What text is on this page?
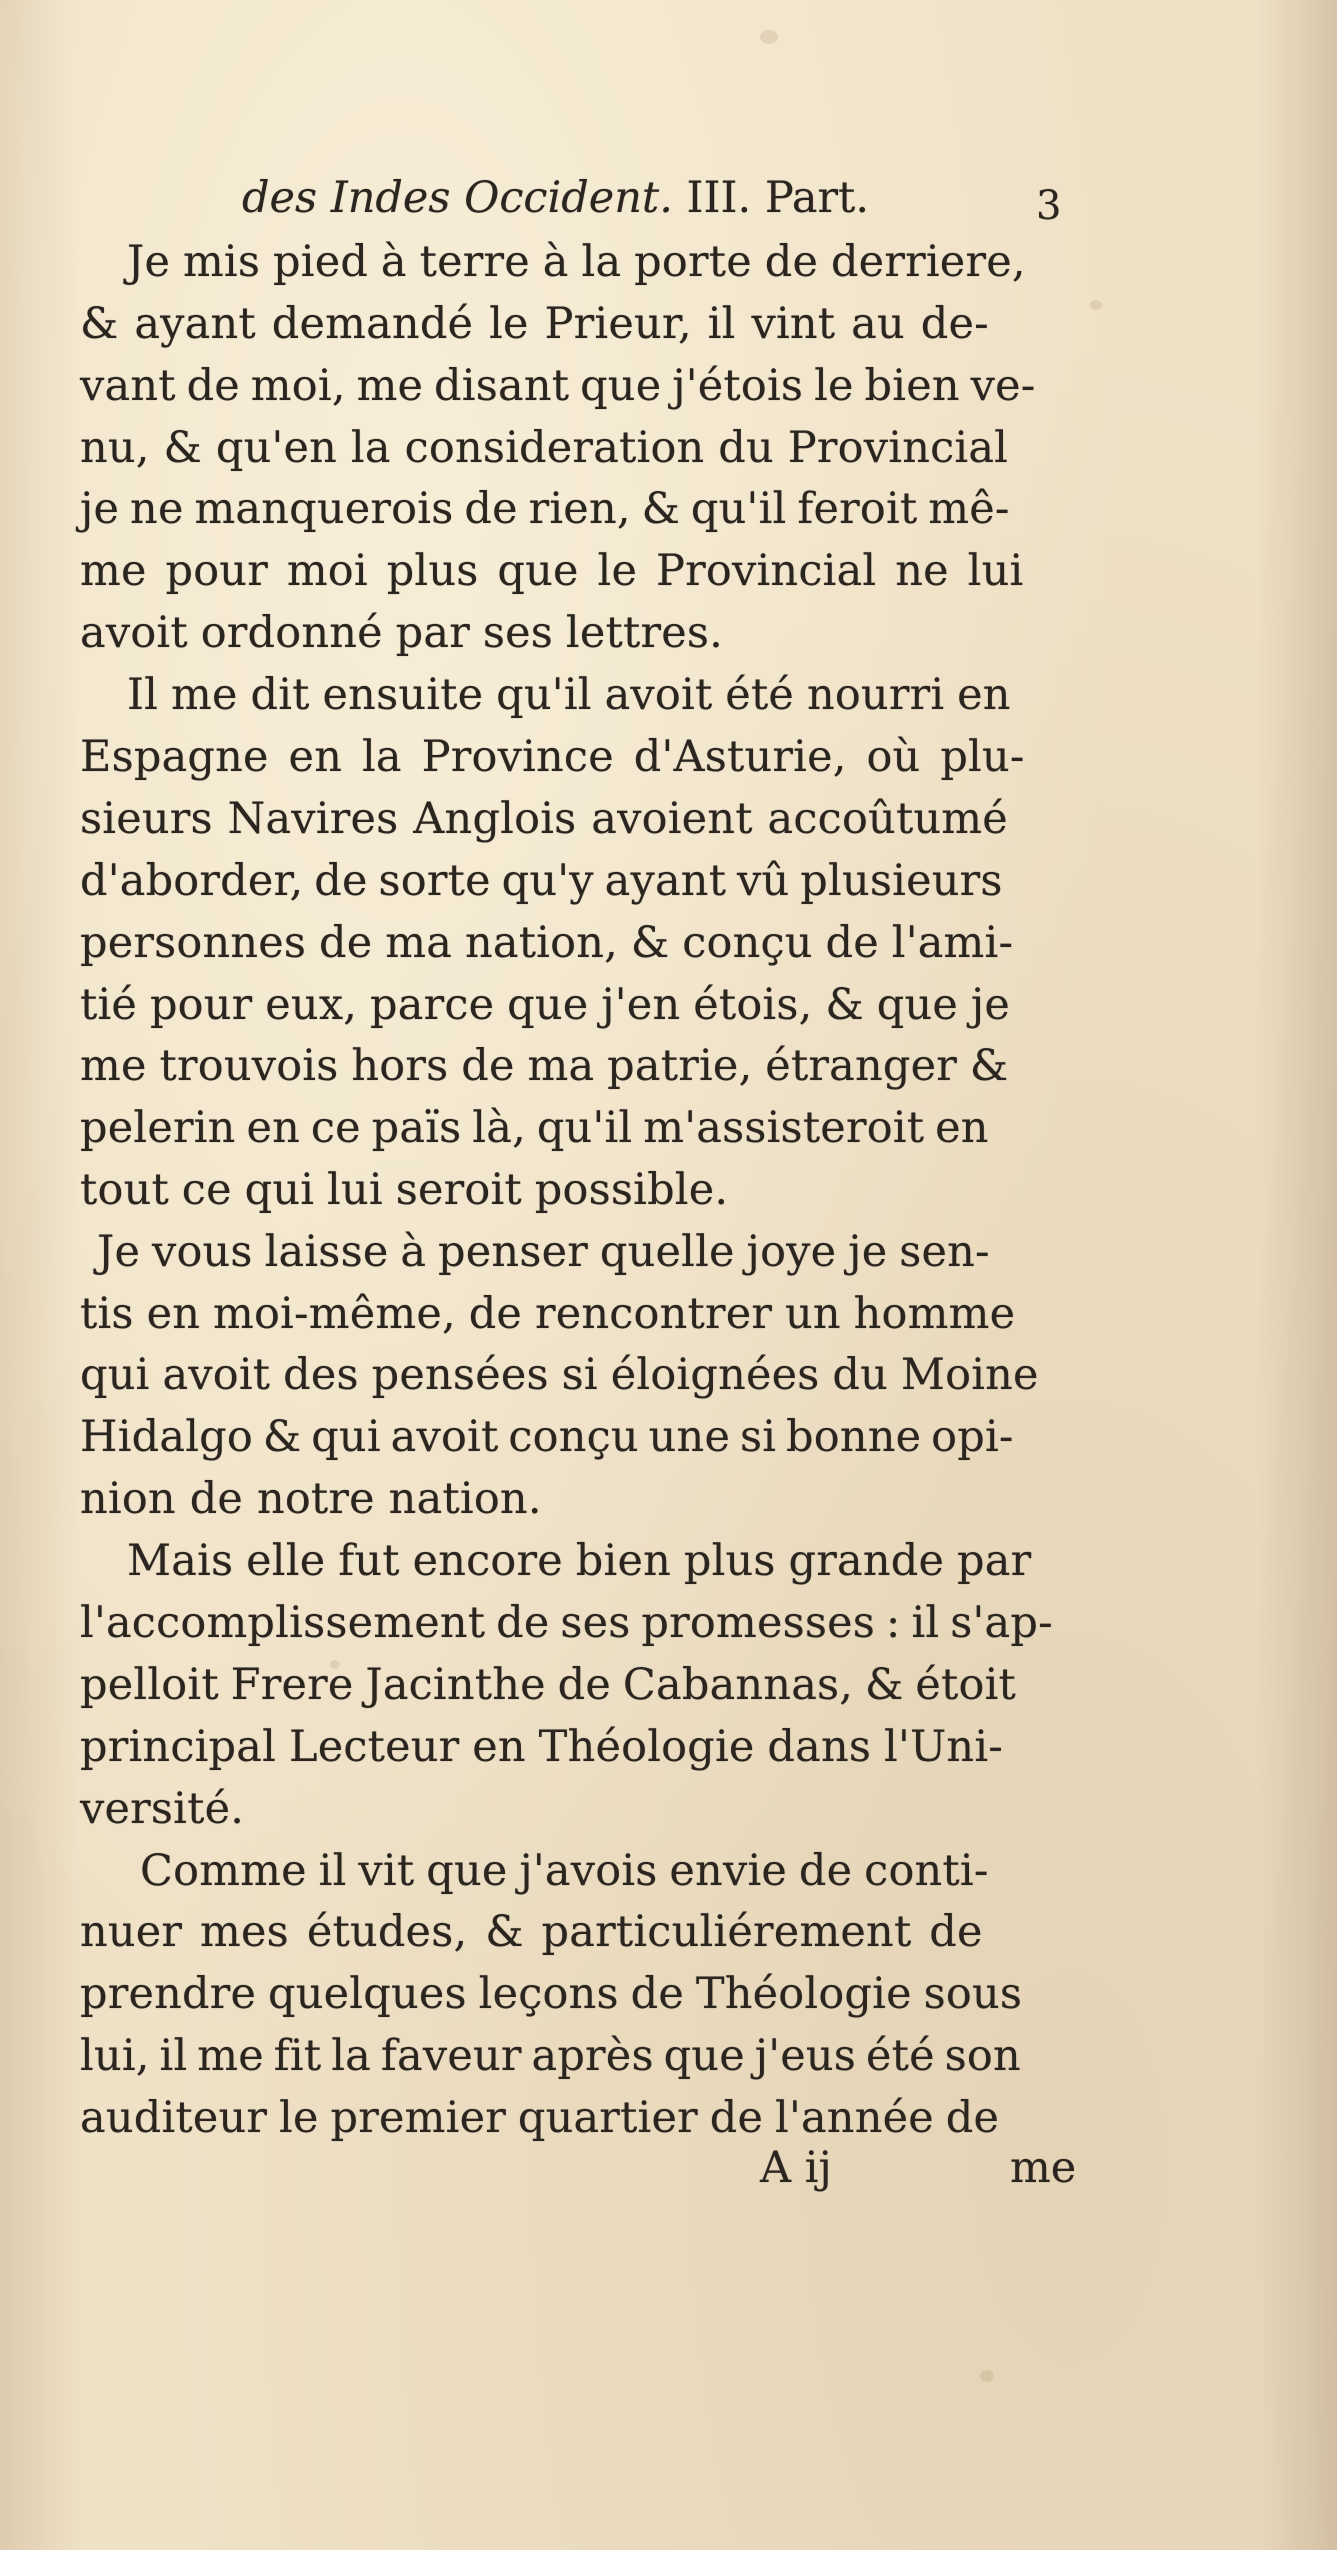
des Indes Occident. III. Part.	3
Je mis pied à terre à la porte de derriere,
& ayant demandé le Prieur, il vint au de-
vant de moi, me disant que j'étois le bien ve-
nu, & qu'en la consideration du Provincial
je ne manquerois de rien, & qu'il feroit mê-
me pour moi plus que le Provincial ne lui
avoit ordonné par ses lettres.
Il me dit ensuite qu'il avoit été nourri en
Espagne en la Province d'Asturie, où plu-
sieurs Navires Anglois avoient accoûtumé
d'aborder, de sorte qu'y ayant vû plusieurs
personnes de ma nation, & conçu de l'ami-
tié pour eux, parce que j'en étois, & que je
me trouvois hors de ma patrie, étranger &
pelerin en ce païs là, qu'il m'assisteroit en
tout ce qui lui seroit possible.
Je vous laisse à penser quelle joye je sen-
tis en moi-même, de rencontrer un homme
qui avoit des pensées si éloignées du Moine
Hidalgo & qui avoit conçu une si bonne opi-
nion de notre nation.
Mais elle fut encore bien plus grande par
l'accomplissement de ses promesses : il s'ap-
pelloit Frere Jacinthe de Cabannas, & étoit
principal Lecteur en Théologie dans l'Uni-
versité.
Comme il vit que j'avois envie de conti-
nuer mes études, & particuliérement de
prendre quelques leçons de Théologie sous
lui, il me fit la faveur après que j'eus été son
auditeur le premier quartier de l'année de
A ij	me
